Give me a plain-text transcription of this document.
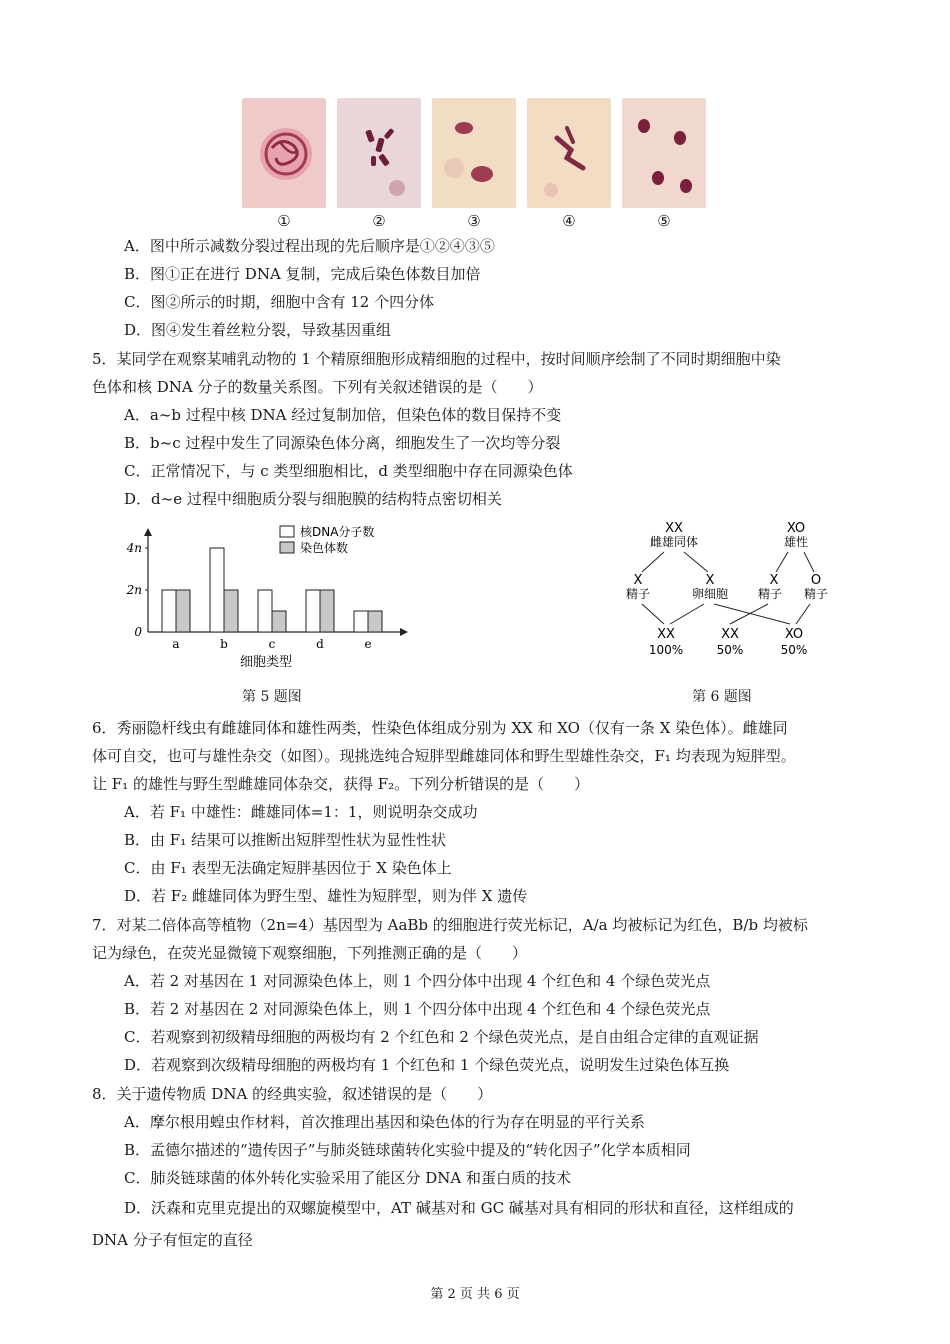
①	②	③	④	⑤
A．图中所示减数分裂过程出现的先后顺序是①②④③⑤
B．图①正在进行 DNA 复制，完成后染色体数目加倍
C．图②所示的时期，细胞中含有 12 个四分体
D．图④发生着丝粒分裂，导致基因重组
5．某同学在观察某哺乳动物的 1 个精原细胞形成精细胞的过程中，按时间顺序绘制了不同时期细胞中染
色体和核 DNA 分子的数量关系图。下列有关叙述错误的是（　　）
A．a~b 过程中核 DNA 经过复制加倍，但染色体的数目保持不变
B．b~c 过程中发生了同源染色体分离，细胞发生了一次均等分裂
C．正常情况下，与 c 类型细胞相比，d 类型细胞中存在同源染色体
D．d~e 过程中细胞质分裂与细胞膜的结构特点密切相关
核DNA分子数
染色体数
0
2n
4n
a	b	c	d	e
细胞类型
XX
雌雄同体
XO
雄性
X
精子
X
卵细胞
X
精子
O
精子
XX
100%
XX
50%
XO
50%
第 5 题图	第 6 题图
6．秀丽隐杆线虫有雌雄同体和雄性两类，性染色体组成分别为 XX 和 XO（仅有一条 X 染色体）。雌雄同
体可自交，也可与雄性杂交（如图）。现挑选纯合短胖型雌雄同体和野生型雄性杂交，F₁ 均表现为短胖型。
让 F₁ 的雄性与野生型雌雄同体杂交，获得 F₂。下列分析错误的是（　　）
A．若 F₁ 中雄性：雌雄同体=1：1，则说明杂交成功
B．由 F₁ 结果可以推断出短胖型性状为显性性状
C．由 F₁ 表型无法确定短胖基因位于 X 染色体上
D．若 F₂ 雌雄同体为野生型、雄性为短胖型，则为伴 X 遗传
7．对某二倍体高等植物（2n=4）基因型为 AaBb 的细胞进行荧光标记，A/a 均被标记为红色，B/b 均被标
记为绿色，在荧光显微镜下观察细胞，下列推测正确的是（　　）
A．若 2 对基因在 1 对同源染色体上，则 1 个四分体中出现 4 个红色和 4 个绿色荧光点
B．若 2 对基因在 2 对同源染色体上，则 1 个四分体中出现 4 个红色和 4 个绿色荧光点
C．若观察到初级精母细胞的两极均有 2 个红色和 2 个绿色荧光点，是自由组合定律的直观证据
D．若观察到次级精母细胞的两极均有 1 个红色和 1 个绿色荧光点，说明发生过染色体互换
8．关于遗传物质 DNA 的经典实验，叙述错误的是（　　）
A．摩尔根用蝗虫作材料，首次推理出基因和染色体的行为存在明显的平行关系
B．孟德尔描述的“遗传因子”与肺炎链球菌转化实验中提及的“转化因子”化学本质相同
C．肺炎链球菌的体外转化实验采用了能区分 DNA 和蛋白质的技术
D．沃森和克里克提出的双螺旋模型中，AT 碱基对和 GC 碱基对具有相同的形状和直径，这样组成的
DNA 分子有恒定的直径
第 2 页 共 6 页
